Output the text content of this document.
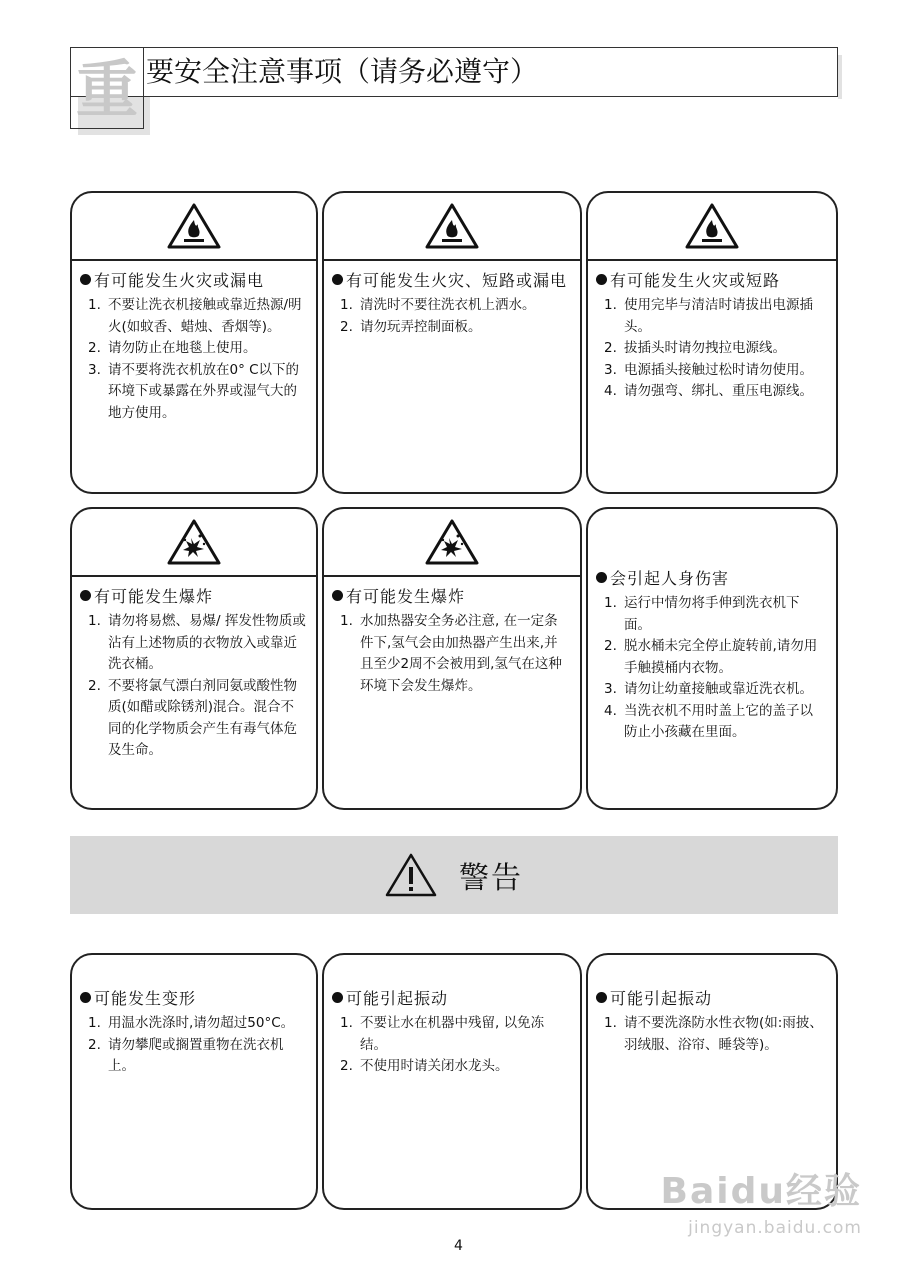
重 要安全注意事项（请务必遵守）
有可能发生火灾或漏电
1. 不要让洗衣机接触或靠近热源/明火(如蚊香、蜡烛、香烟等)。
2. 请勿防止在地毯上使用。
3. 请不要将洗衣机放在0° C以下的环境下或暴露在外界或湿气大的地方使用。
有可能发生火灾、短路或漏电
1. 清洗时不要往洗衣机上洒水。
2. 请勿玩弄控制面板。
有可能发生火灾或短路
1. 使用完毕与清洁时请拔出电源插头。
2. 拔插头时请勿拽拉电源线。
3. 电源插头接触过松时请勿使用。
4. 请勿强弯、绑扎、重压电源线。
有可能发生爆炸
1. 请勿将易燃、易爆/ 挥发性物质或沾有上述物质的衣物放入或靠近洗衣桶。
2. 不要将氯气漂白剂同氨或酸性物质(如醋或除锈剂)混合。混合不同的化学物质会产生有毒气体危及生命。
有可能发生爆炸
1. 水加热器安全务必注意, 在一定条件下,氢气会由加热器产生出来,并且至少2周不会被用到,氢气在这种环境下会发生爆炸。
会引起人身伤害
1. 运行中情勿将手伸到洗衣机下面。
2. 脱水桶未完全停止旋转前,请勿用手触摸桶内衣物。
3. 请勿让幼童接触或靠近洗衣机。
4. 当洗衣机不用时盖上它的盖子以防止小孩藏在里面。
警告
可能发生变形
1. 用温水洗涤时,请勿超过50°C。
2. 请勿攀爬或搁置重物在洗衣机上。
可能引起振动
1. 不要让水在机器中残留, 以免冻结。
2. 不使用时请关闭水龙头。
可能引起振动
1. 请不要洗涤防水性衣物(如:雨披、羽绒服、浴帘、睡袋等)。
Baidu经验
jingyan.baidu.com
4
